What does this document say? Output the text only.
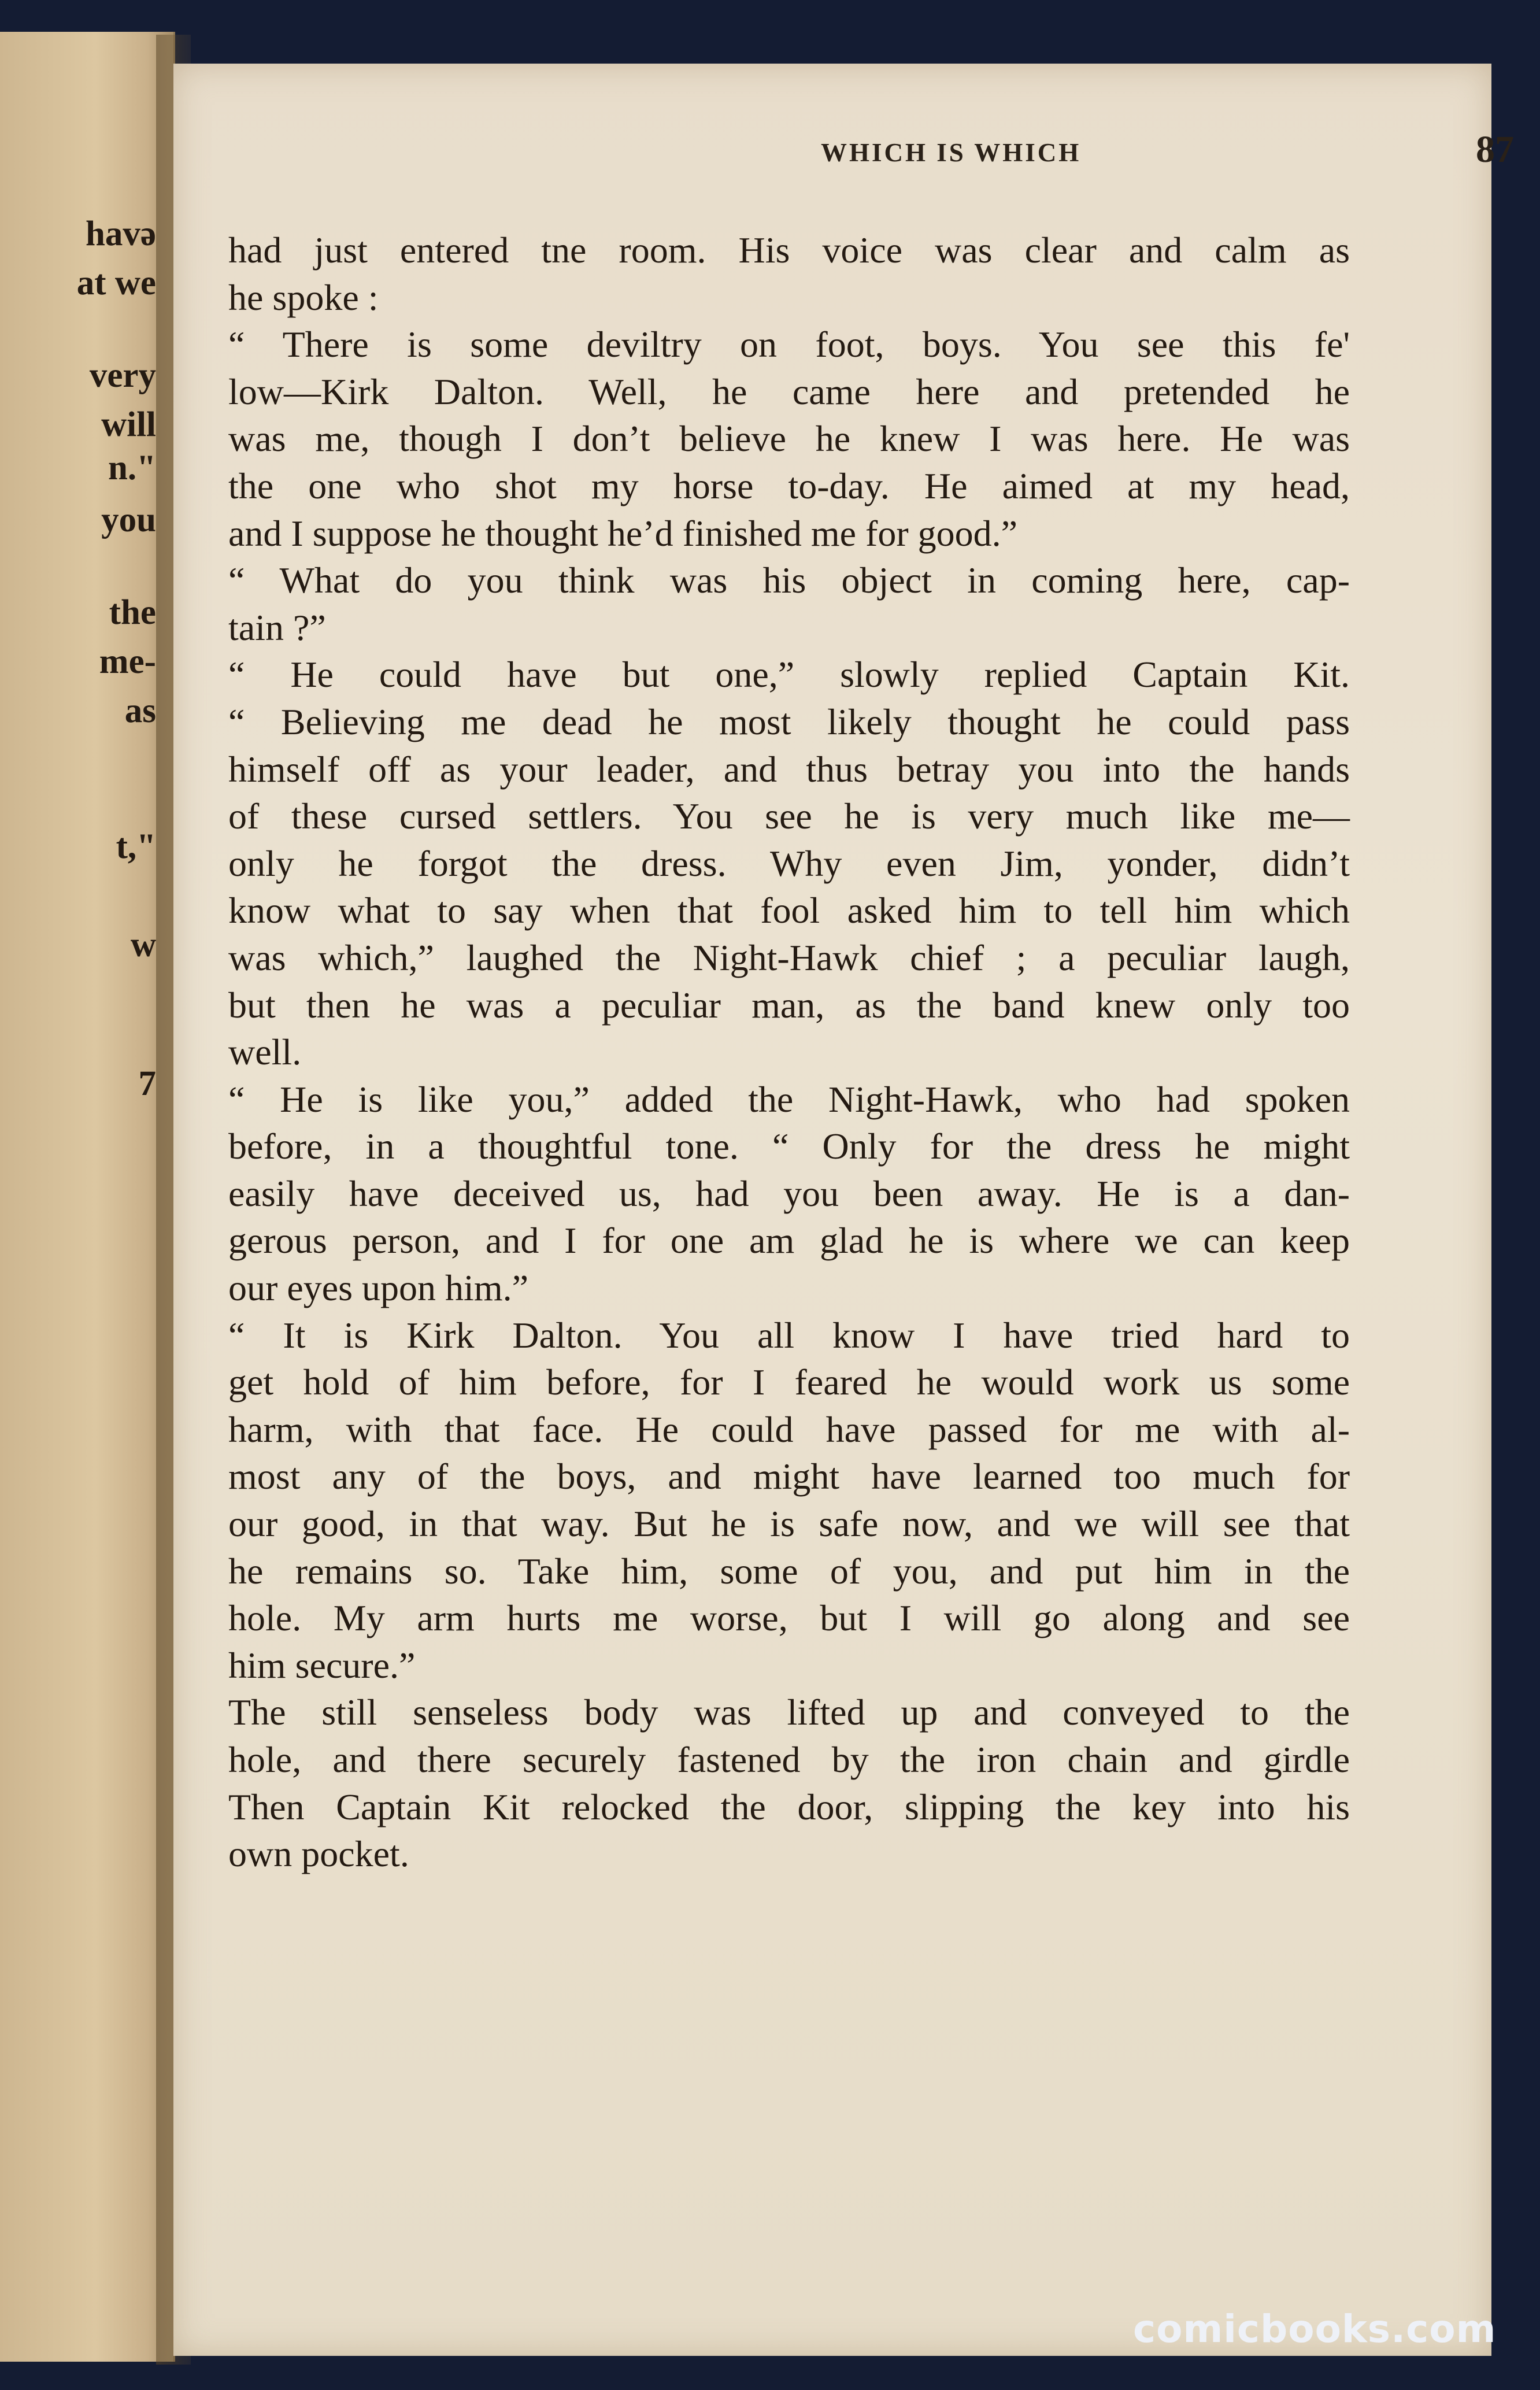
havə
at we
very
will
n."
you
the
me-
as
t,"
w
7
WHICH IS WHICH	87
had just entered tne room. His voice was clear and calm as
he spoke :
“ There is some deviltry on foot, boys. You see this fe'
low—Kirk Dalton. Well, he came here and pretended he
was me, though I don’t believe he knew I was here. He was
the one who shot my horse to-day. He aimed at my head,
and I suppose he thought he’d finished me for good.”
“ What do you think was his object in coming here, cap-
tain ?”
“ He could have but one,” slowly replied Captain Kit.
“ Believing me dead he most likely thought he could pass
himself off as your leader, and thus betray you into the hands
of these cursed settlers. You see he is very much like me—
only he forgot the dress. Why even Jim, yonder, didn’t
know what to say when that fool asked him to tell him which
was which,” laughed the Night-Hawk chief ; a peculiar laugh,
but then he was a peculiar man, as the band knew only too
well.
“ He is like you,” added the Night-Hawk, who had spoken
before, in a thoughtful tone. “ Only for the dress he might
easily have deceived us, had you been away. He is a dan-
gerous person, and I for one am glad he is where we can keep
our eyes upon him.”
“ It is Kirk Dalton. You all know I have tried hard to
get hold of him before, for I feared he would work us some
harm, with that face. He could have passed for me with al-
most any of the boys, and might have learned too much for
our good, in that way. But he is safe now, and we will see that
he remains so. Take him, some of you, and put him in the
hole. My arm hurts me worse, but I will go along and see
him secure.”
The still senseless body was lifted up and conveyed to the
hole, and there securely fastened by the iron chain and girdle
Then Captain Kit relocked the door, slipping the key into his
own pocket.
comicbooks.com
